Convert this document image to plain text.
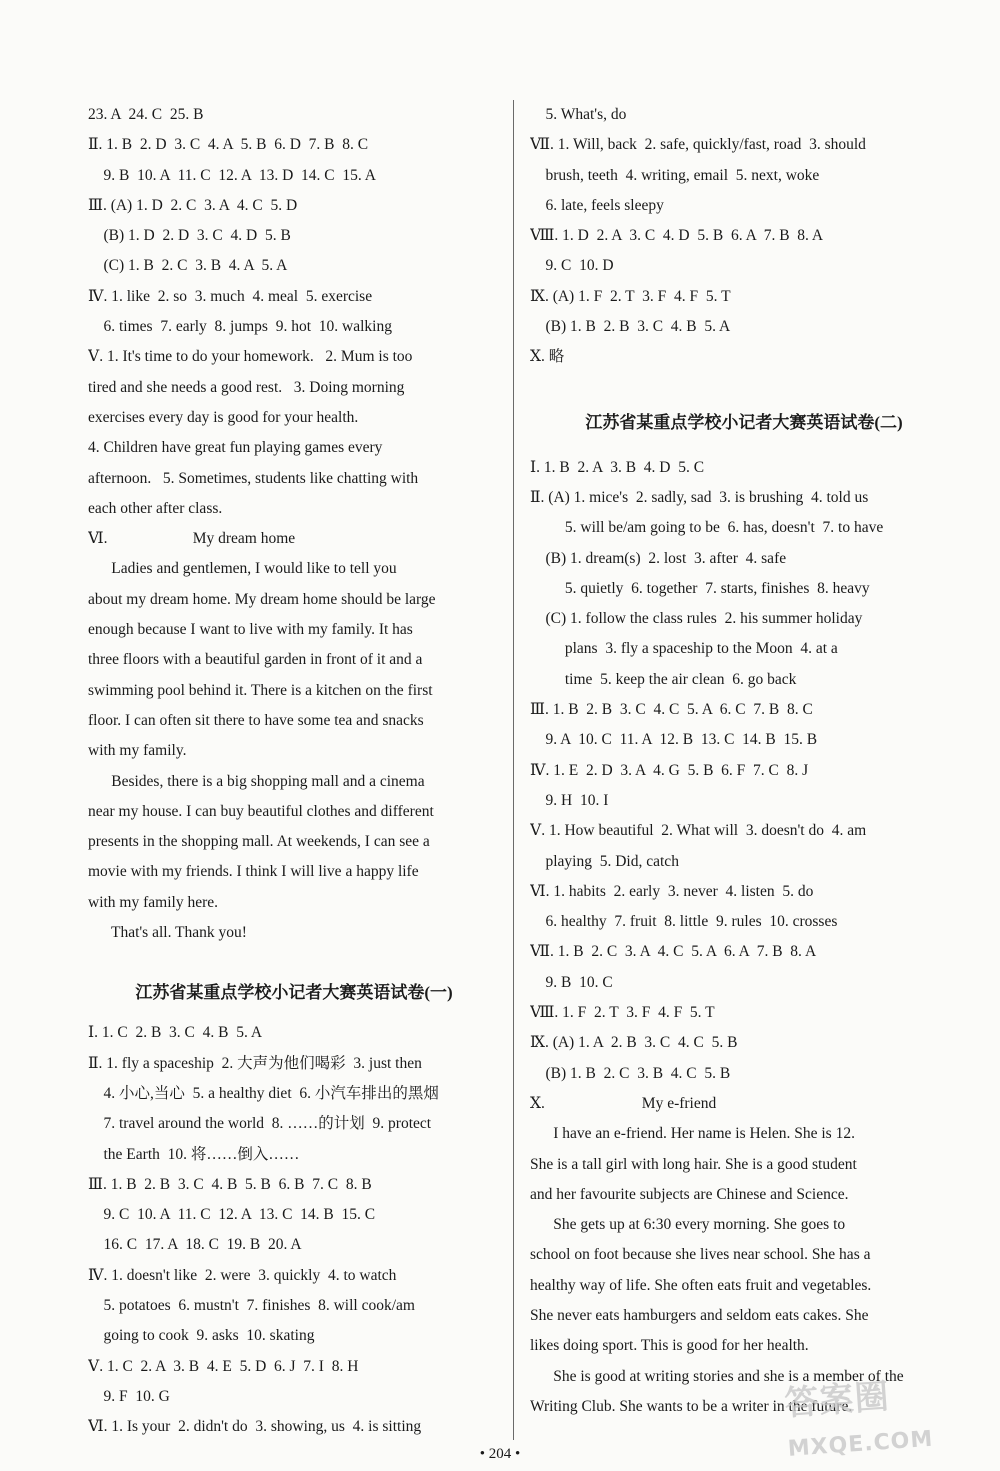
23. A  24. C  25. B
Ⅱ. 1. B  2. D  3. C  4. A  5. B  6. D  7. B  8. C
9. B  10. A  11. C  12. A  13. D  14. C  15. A
Ⅲ. (A) 1. D  2. C  3. A  4. C  5. D
(B) 1. D  2. D  3. C  4. D  5. B
(C) 1. B  2. C  3. B  4. A  5. A
Ⅳ. 1. like  2. so  3. much  4. meal  5. exercise
6. times  7. early  8. jumps  9. hot  10. walking
Ⅴ. 1. It's time to do your homework.   2. Mum is too
tired and she needs a good rest.   3. Doing morning
exercises every day is good for your health.
4. Children have great fun playing games every
afternoon.   5. Sometimes, students like chatting with
each other after class.
Ⅵ.                      My dream home
Ladies and gentlemen, I would like to tell you
about my dream home. My dream home should be large
enough because I want to live with my family. It has
three floors with a beautiful garden in front of it and a
swimming pool behind it. There is a kitchen on the first
floor. I can often sit there to have some tea and snacks
with my family.
Besides, there is a big shopping mall and a cinema
near my house. I can buy beautiful clothes and different
presents in the shopping mall. At weekends, I can see a
movie with my friends. I think I will live a happy life
with my family here.
That's all. Thank you!
江苏省某重点学校小记者大赛英语试卷(一)
Ⅰ. 1. C  2. B  3. C  4. B  5. A
Ⅱ. 1. fly a spaceship  2. 大声为他们喝彩  3. just then
4. 小心,当心  5. a healthy diet  6. 小汽车排出的黑烟
7. travel around the world  8. ……的计划  9. protect
the Earth  10. 将……倒入……
Ⅲ. 1. B  2. B  3. C  4. B  5. B  6. B  7. C  8. B
9. C  10. A  11. C  12. A  13. C  14. B  15. C
16. C  17. A  18. C  19. B  20. A
Ⅳ. 1. doesn't like  2. were  3. quickly  4. to watch
5. potatoes  6. mustn't  7. finishes  8. will cook/am
going to cook  9. asks  10. skating
Ⅴ. 1. C  2. A  3. B  4. E  5. D  6. J  7. I  8. H
9. F  10. G
Ⅵ. 1. Is your  2. didn't do  3. showing, us  4. is sitting
5. What's, do
Ⅶ. 1. Will, back  2. safe, quickly/fast, road  3. should
brush, teeth  4. writing, email  5. next, woke
6. late, feels sleepy
Ⅷ. 1. D  2. A  3. C  4. D  5. B  6. A  7. B  8. A
9. C  10. D
Ⅸ. (A) 1. F  2. T  3. F  4. F  5. T
(B) 1. B  2. B  3. C  4. B  5. A
Ⅹ. 略
江苏省某重点学校小记者大赛英语试卷(二)
Ⅰ. 1. B  2. A  3. B  4. D  5. C
Ⅱ. (A) 1. mice's  2. sadly, sad  3. is brushing  4. told us
5. will be/am going to be  6. has, doesn't  7. to have
(B) 1. dream(s)  2. lost  3. after  4. safe
5. quietly  6. together  7. starts, finishes  8. heavy
(C) 1. follow the class rules  2. his summer holiday
plans  3. fly a spaceship to the Moon  4. at a
time  5. keep the air clean  6. go back
Ⅲ. 1. B  2. B  3. C  4. C  5. A  6. C  7. B  8. C
9. A  10. C  11. A  12. B  13. C  14. B  15. B
Ⅳ. 1. E  2. D  3. A  4. G  5. B  6. F  7. C  8. J
9. H  10. I
Ⅴ. 1. How beautiful  2. What will  3. doesn't do  4. am
playing  5. Did, catch
Ⅵ. 1. habits  2. early  3. never  4. listen  5. do
6. healthy  7. fruit  8. little  9. rules  10. crosses
Ⅶ. 1. B  2. C  3. A  4. C  5. A  6. A  7. B  8. A
9. B  10. C
Ⅷ. 1. F  2. T  3. F  4. F  5. T
Ⅸ. (A) 1. A  2. B  3. C  4. C  5. B
(B) 1. B  2. C  3. B  4. C  5. B
Ⅹ.                         My e-friend
I have an e-friend. Her name is Helen. She is 12.
She is a tall girl with long hair. She is a good student
and her favourite subjects are Chinese and Science.
She gets up at 6:30 every morning. She goes to
school on foot because she lives near school. She has a
healthy way of life. She often eats fruit and vegetables.
She never eats hamburgers and seldom eats cakes. She
likes doing sport. This is good for her health.
She is good at writing stories and she is a member of the
Writing Club. She wants to be a writer in the future.
答案圈
MXQE.COM
• 204 •
